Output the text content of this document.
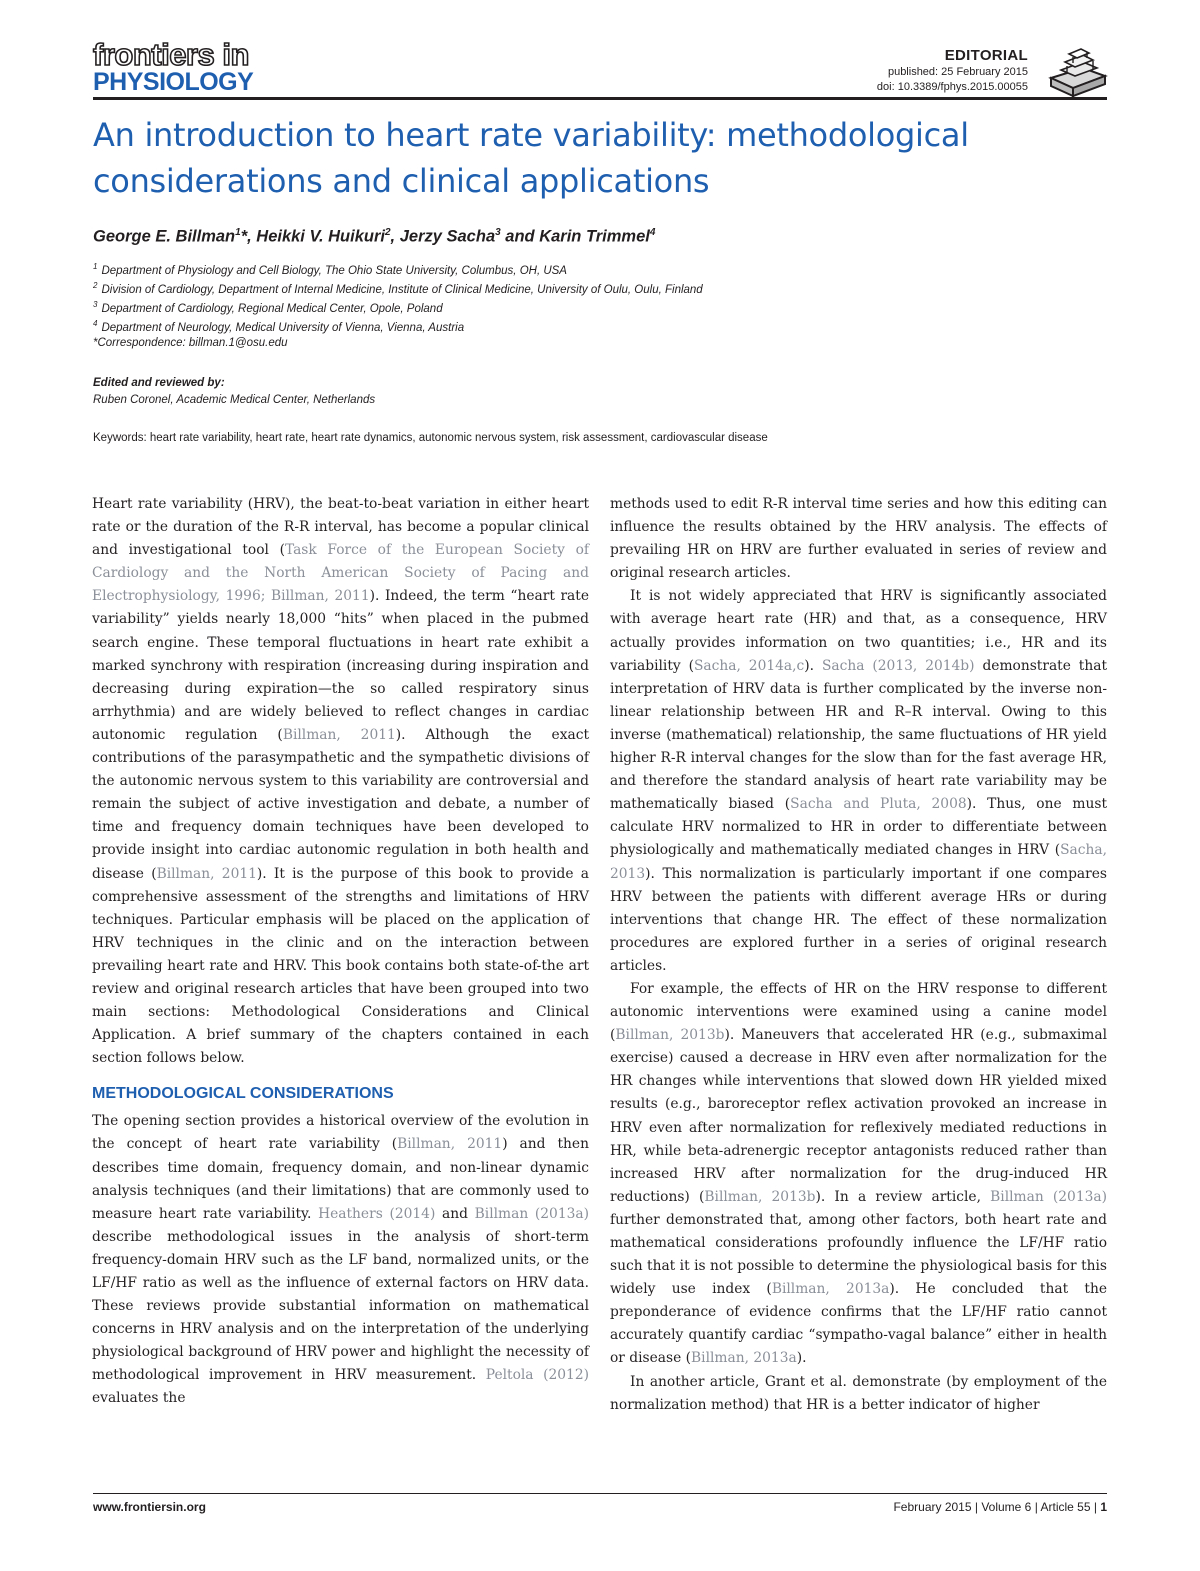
frontiers in
PHYSIOLOGY
EDITORIAL
published: 25 February 2015
doi: 10.3389/fphys.2015.00055
An introduction to heart rate variability: methodological considerations and clinical applications
George E. Billman$^1$*, Heikki V. Huikuri$^2$, Jerzy Sacha$^3$ and Karin Trimmel$^4$
$^1$ Department of Physiology and Cell Biology, The Ohio State University, Columbus, OH, USA
$^2$ Division of Cardiology, Department of Internal Medicine, Institute of Clinical Medicine, University of Oulu, Oulu, Finland
$^3$ Department of Cardiology, Regional Medical Center, Opole, Poland
$^4$ Department of Neurology, Medical University of Vienna, Vienna, Austria
*Correspondence: billman.1@osu.edu
Edited and reviewed by:
Ruben Coronel, Academic Medical Center, Netherlands
Keywords: heart rate variability, heart rate, heart rate dynamics, autonomic nervous system, risk assessment, cardiovascular disease

Heart rate variability (HRV), the beat-to-beat variation in either heart rate or the duration of the R-R interval, has become a popular clinical and investigational tool (Task Force of the European Society of Cardiology and the North American Society of Pacing and Electrophysiology, 1996; Billman, 2011). Indeed, the term “heart rate variability” yields nearly 18,000 “hits” when placed in the pubmed search engine. These temporal fluctuations in heart rate exhibit a marked synchrony with respiration (increasing during inspiration and decreasing during expiration—the so called respiratory sinus arrhythmia) and are widely believed to reflect changes in cardiac autonomic regulation (Billman, 2011). Although the exact contributions of the parasympathetic and the sympathetic divisions of the autonomic nervous system to this variability are controversial and remain the subject of active investigation and debate, a number of time and frequency domain techniques have been developed to provide insight into cardiac autonomic regulation in both health and disease (Billman, 2011). It is the purpose of this book to provide a comprehensive assessment of the strengths and limitations of HRV techniques. Particular emphasis will be placed on the application of HRV techniques in the clinic and on the interaction between prevailing heart rate and HRV. This book contains both state-of-the art review and original research articles that have been grouped into two main sections: Methodological Considerations and Clinical Application. A brief summary of the chapters contained in each section follows below.

METHODOLOGICAL CONSIDERATIONS

The opening section provides a historical overview of the evolution in the concept of heart rate variability (Billman, 2011) and then describes time domain, frequency domain, and non-linear dynamic analysis techniques (and their limitations) that are commonly used to measure heart rate variability. Heathers (2014) and Billman (2013a) describe methodological issues in the analysis of short-term frequency-domain HRV such as the LF band, normalized units, or the LF/HF ratio as well as the influence of external factors on HRV data. These reviews provide substantial information on mathematical concerns in HRV analysis and on the interpretation of the underlying physiological background of HRV power and highlight the necessity of methodological improvement in HRV measurement. Peltola (2012) evaluates the

methods used to edit R-R interval time series and how this editing can influence the results obtained by the HRV analysis. The effects of prevailing HR on HRV are further evaluated in series of review and original research articles.

It is not widely appreciated that HRV is significantly associated with average heart rate (HR) and that, as a consequence, HRV actually provides information on two quantities; i.e., HR and its variability (Sacha, 2014a,c). Sacha (2013, 2014b) demonstrate that interpretation of HRV data is further complicated by the inverse non-linear relationship between HR and R–R interval. Owing to this inverse (mathematical) relationship, the same fluctuations of HR yield higher R-R interval changes for the slow than for the fast average HR, and therefore the standard analysis of heart rate variability may be mathematically biased (Sacha and Pluta, 2008). Thus, one must calculate HRV normalized to HR in order to differentiate between physiologically and mathematically mediated changes in HRV (Sacha, 2013). This normalization is particularly important if one compares HRV between the patients with different average HRs or during interventions that change HR. The effect of these normalization procedures are explored further in a series of original research articles.

For example, the effects of HR on the HRV response to different autonomic interventions were examined using a canine model (Billman, 2013b). Maneuvers that accelerated HR (e.g., submaximal exercise) caused a decrease in HRV even after normalization for the HR changes while interventions that slowed down HR yielded mixed results (e.g., baroreceptor reflex activation provoked an increase in HRV even after normalization for reflexively mediated reductions in HR, while beta-adrenergic receptor antagonists reduced rather than increased HRV after normalization for the drug-induced HR reductions) (Billman, 2013b). In a review article, Billman (2013a) further demonstrated that, among other factors, both heart rate and mathematical considerations profoundly influence the LF/HF ratio such that it is not possible to determine the physiological basis for this widely use index (Billman, 2013a). He concluded that the preponderance of evidence confirms that the LF/HF ratio cannot accurately quantify cardiac “sympatho-vagal balance” either in health or disease (Billman, 2013a).

In another article, Grant et al. demonstrate (by employment of the normalization method) that HR is a better indicator of higher

www.frontiersin.org	February 2015 | Volume 6 | Article 55 | 1
